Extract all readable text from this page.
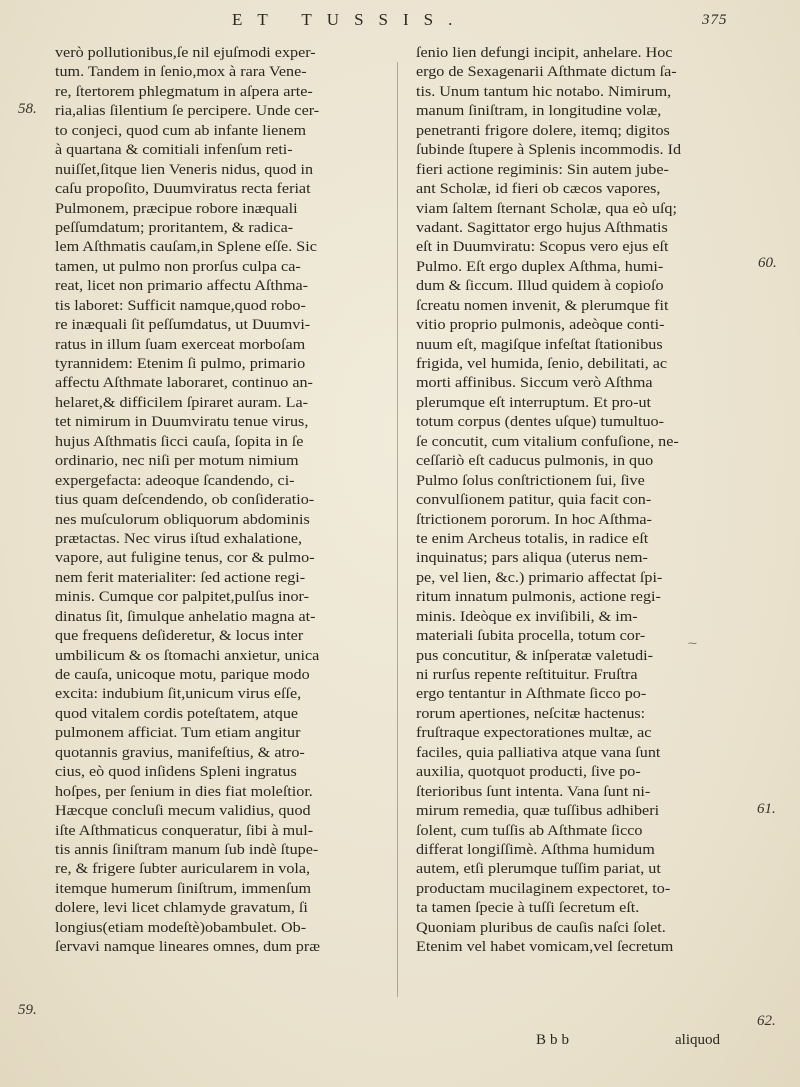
ET TUSSIS.	375
verò pollutionibus,ſe nil ejuſmodi exper-
tum. Tandem in ſenio,mox à rara Vene-
re, ſtertorem phlegmatum in aſpera arte-
ria,alias ſilentium ſe percipere. Unde cer-
to conjeci, quod cum ab infante lienem
à quartana & comitiali infenſum reti-
nuiſſet,ſitque lien Veneris nidus, quod in
caſu propoſito, Duumviratus recta feriat
Pulmonem, præcipue robore inæquali
peſſumdatum; proritantem, & radica-
lem Aſthmatis cauſam,in Splene eſſe. Sic
tamen, ut pulmo non prorſus culpa ca-
reat, licet non primario affectu Aſthma-
tis laboret: Sufficit namque,quod robo-
re inæquali ſit peſſumdatus, ut Duumvi-
ratus in illum ſuam exerceat morboſam
tyrannidem: Etenim ſi pulmo, primario
affectu Aſthmate laboraret, continuo an-
helaret,& difficilem ſpiraret auram. La-
tet nimirum in Duumviratu tenue virus,
hujus Aſthmatis ſicci cauſa, ſopita in ſe
ordinario, nec niſi per motum nimium
expergefacta: adeoque ſcandendo, ci-
tius quam deſcendendo, ob conſideratio-
nes muſculorum obliquorum abdominis
prætactas. Nec virus iſtud exhalatione,
vapore, aut fuligine tenus, cor & pulmo-
nem ferit materialiter: ſed actione regi-
minis. Cumque cor palpitet,pulſus inor-
dinatus ſit, ſimulque anhelatio magna at-
que frequens deſideretur, & locus inter
umbilicum & os ſtomachi anxietur, unica
de cauſa, unicoque motu, parique modo
excita: indubium ſit,unicum virus eſſe,
quod vitalem cordis poteſtatem, atque
pulmonem afficiat. Tum etiam angitur
quotannis gravius, manifeſtius, & atro-
cius, eò quod inſidens Spleni ingratus
hoſpes, per ſenium in dies fiat moleſtior.
Hæcque concluſi mecum validius, quod
iſte Aſthmaticus conqueratur, ſibi à mul-
tis annis ſiniſtram manum ſub indè ſtupe-
re, & frigere ſubter auricularem in vola,
itemque humerum ſiniſtrum, immenſum
dolere, levi licet chlamyde gravatum, ſi
longius(etiam modeſtè)obambulet. Ob-
ſervavi namque lineares omnes, dum præ
ſenio lien defungi incipit, anhelare. Hoc
ergo de Sexagenarii Aſthmate dictum ſa-
tis. Unum tantum hic notabo. Nimirum,
manum ſiniſtram, in longitudine volæ,
penetranti frigore dolere, itemq; digitos
ſubinde ſtupere à Splenis incommodis. Id
fieri actione regiminis: Sin autem jube-
ant Scholæ, id fieri ob cæcos vapores,
viam ſaltem ſternant Scholæ, qua eò uſq;
vadant. Sagittator ergo hujus Aſthmatis
eſt in Duumviratu: Scopus vero ejus eſt
Pulmo. Eſt ergo duplex Aſthma, humi-
dum & ſiccum. Illud quidem à copioſo
ſcreatu nomen invenit, & plerumque fit
vitio proprio pulmonis, adeòque conti-
nuum eſt, magiſque infeſtat ſtationibus
frigida, vel humida, ſenio, debilitati, ac
morti affinibus. Siccum verò Aſthma
plerumque eſt interruptum. Et pro-ut
totum corpus (dentes uſque) tumultuo-
ſe concutit, cum vitalium confuſione, ne-
ceſſariò eſt caducus pulmonis, in quo
Pulmo ſolus conſtrictionem ſui, ſive
convulſionem patitur, quia facit con-
ſtrictionem pororum. In hoc Aſthma-
te enim Archeus totalis, in radice eſt
inquinatus; pars aliqua (uterus nem-
pe, vel lien, &c.) primario affectat ſpi-
ritum innatum pulmonis, actione regi-
minis. Ideòque ex inviſibili, & im-
materiali ſubita procella, totum cor-
pus concutitur, & inſperatæ valetudi-
ni rurſus repente reſtituitur. Fruſtra
ergo tentantur in Aſthmate ſicco po-
rorum apertiones, neſcitæ hactenus:
fruſtraque expectorationes multæ, ac
faciles, quia palliativa atque vana ſunt
auxilia, quotquot producti, ſive po-
ſterioribus ſunt intenta. Vana ſunt ni-
mirum remedia, quæ tuſſibus adhiberi
ſolent, cum tuſſis ab Aſthmate ſicco
differat longiſſimè. Aſthma humidum
autem, etſi plerumque tuſſim pariat, ut
productam mucilaginem expectoret, to-
ta tamen ſpecie à tuſſi ſecretum eſt.
Quoniam pluribus de cauſis naſci ſolet.
Etenim vel habet vomicam,vel ſecretum
58.
59.
60.
61.
62.
⁓
Bbb	aliquod
